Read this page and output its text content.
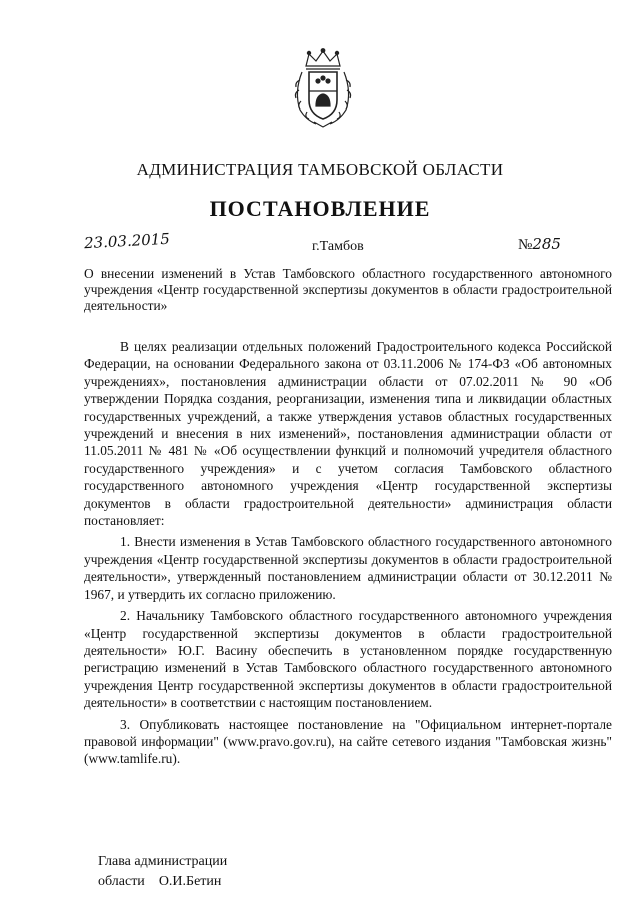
АДМИНИСТРАЦИЯ ТАМБОВСКОЙ ОБЛАСТИ
ПОСТАНОВЛЕНИЕ
23.03.2015	г.Тамбов	№285
О внесении изменений в Устав Тамбовского областного государственного автономного учреждения «Центр государственной экспертизы документов в области градостроительной деятельности»

В целях реализации отдельных положений Градостроительного кодекса Российской Федерации, на основании Федерального закона от 03.11.2006 № 174-ФЗ «Об автономных учреждениях», постановления администрации области от 07.02.2011 № 90 «Об утверждении Порядка создания, реорганизации, изменения типа и ликвидации областных государственных учреждений, а также утверждения уставов областных государственных учреждений и внесения в них изменений», постановления администрации области от 11.05.2011 № 481 № «Об осуществлении функций и полномочий учредителя областного государственного учреждения» и с учетом согласия Тамбовского областного государственного автономного учреждения «Центр государственной экспертизы документов в области градостроительной деятельности» администрация области постановляет:

1. Внести изменения в Устав Тамбовского областного государственного автономного учреждения «Центр государственной экспертизы документов в области градостроительной деятельности», утвержденный постановлением администрации области от 30.12.2011 № 1967, и утвердить их согласно приложению.

2. Начальнику Тамбовского областного государственного автономного учреждения «Центр государственной экспертизы документов в области градостроительной деятельности» Ю.Г. Васину обеспечить в установленном порядке государственную регистрацию изменений в Устав Тамбовского областного государственного автономного учреждения Центр государственной экспертизы документов в области градостроительной деятельности» в соответствии с настоящим постановлением.

3. Опубликовать настоящее постановление на "Официальном интернет-портале правовой информации" (www.pravo.gov.ru), на сайте сетевого издания "Тамбовская жизнь" (www.tamlife.ru).

Глава администрации
области О.И.Бетин
